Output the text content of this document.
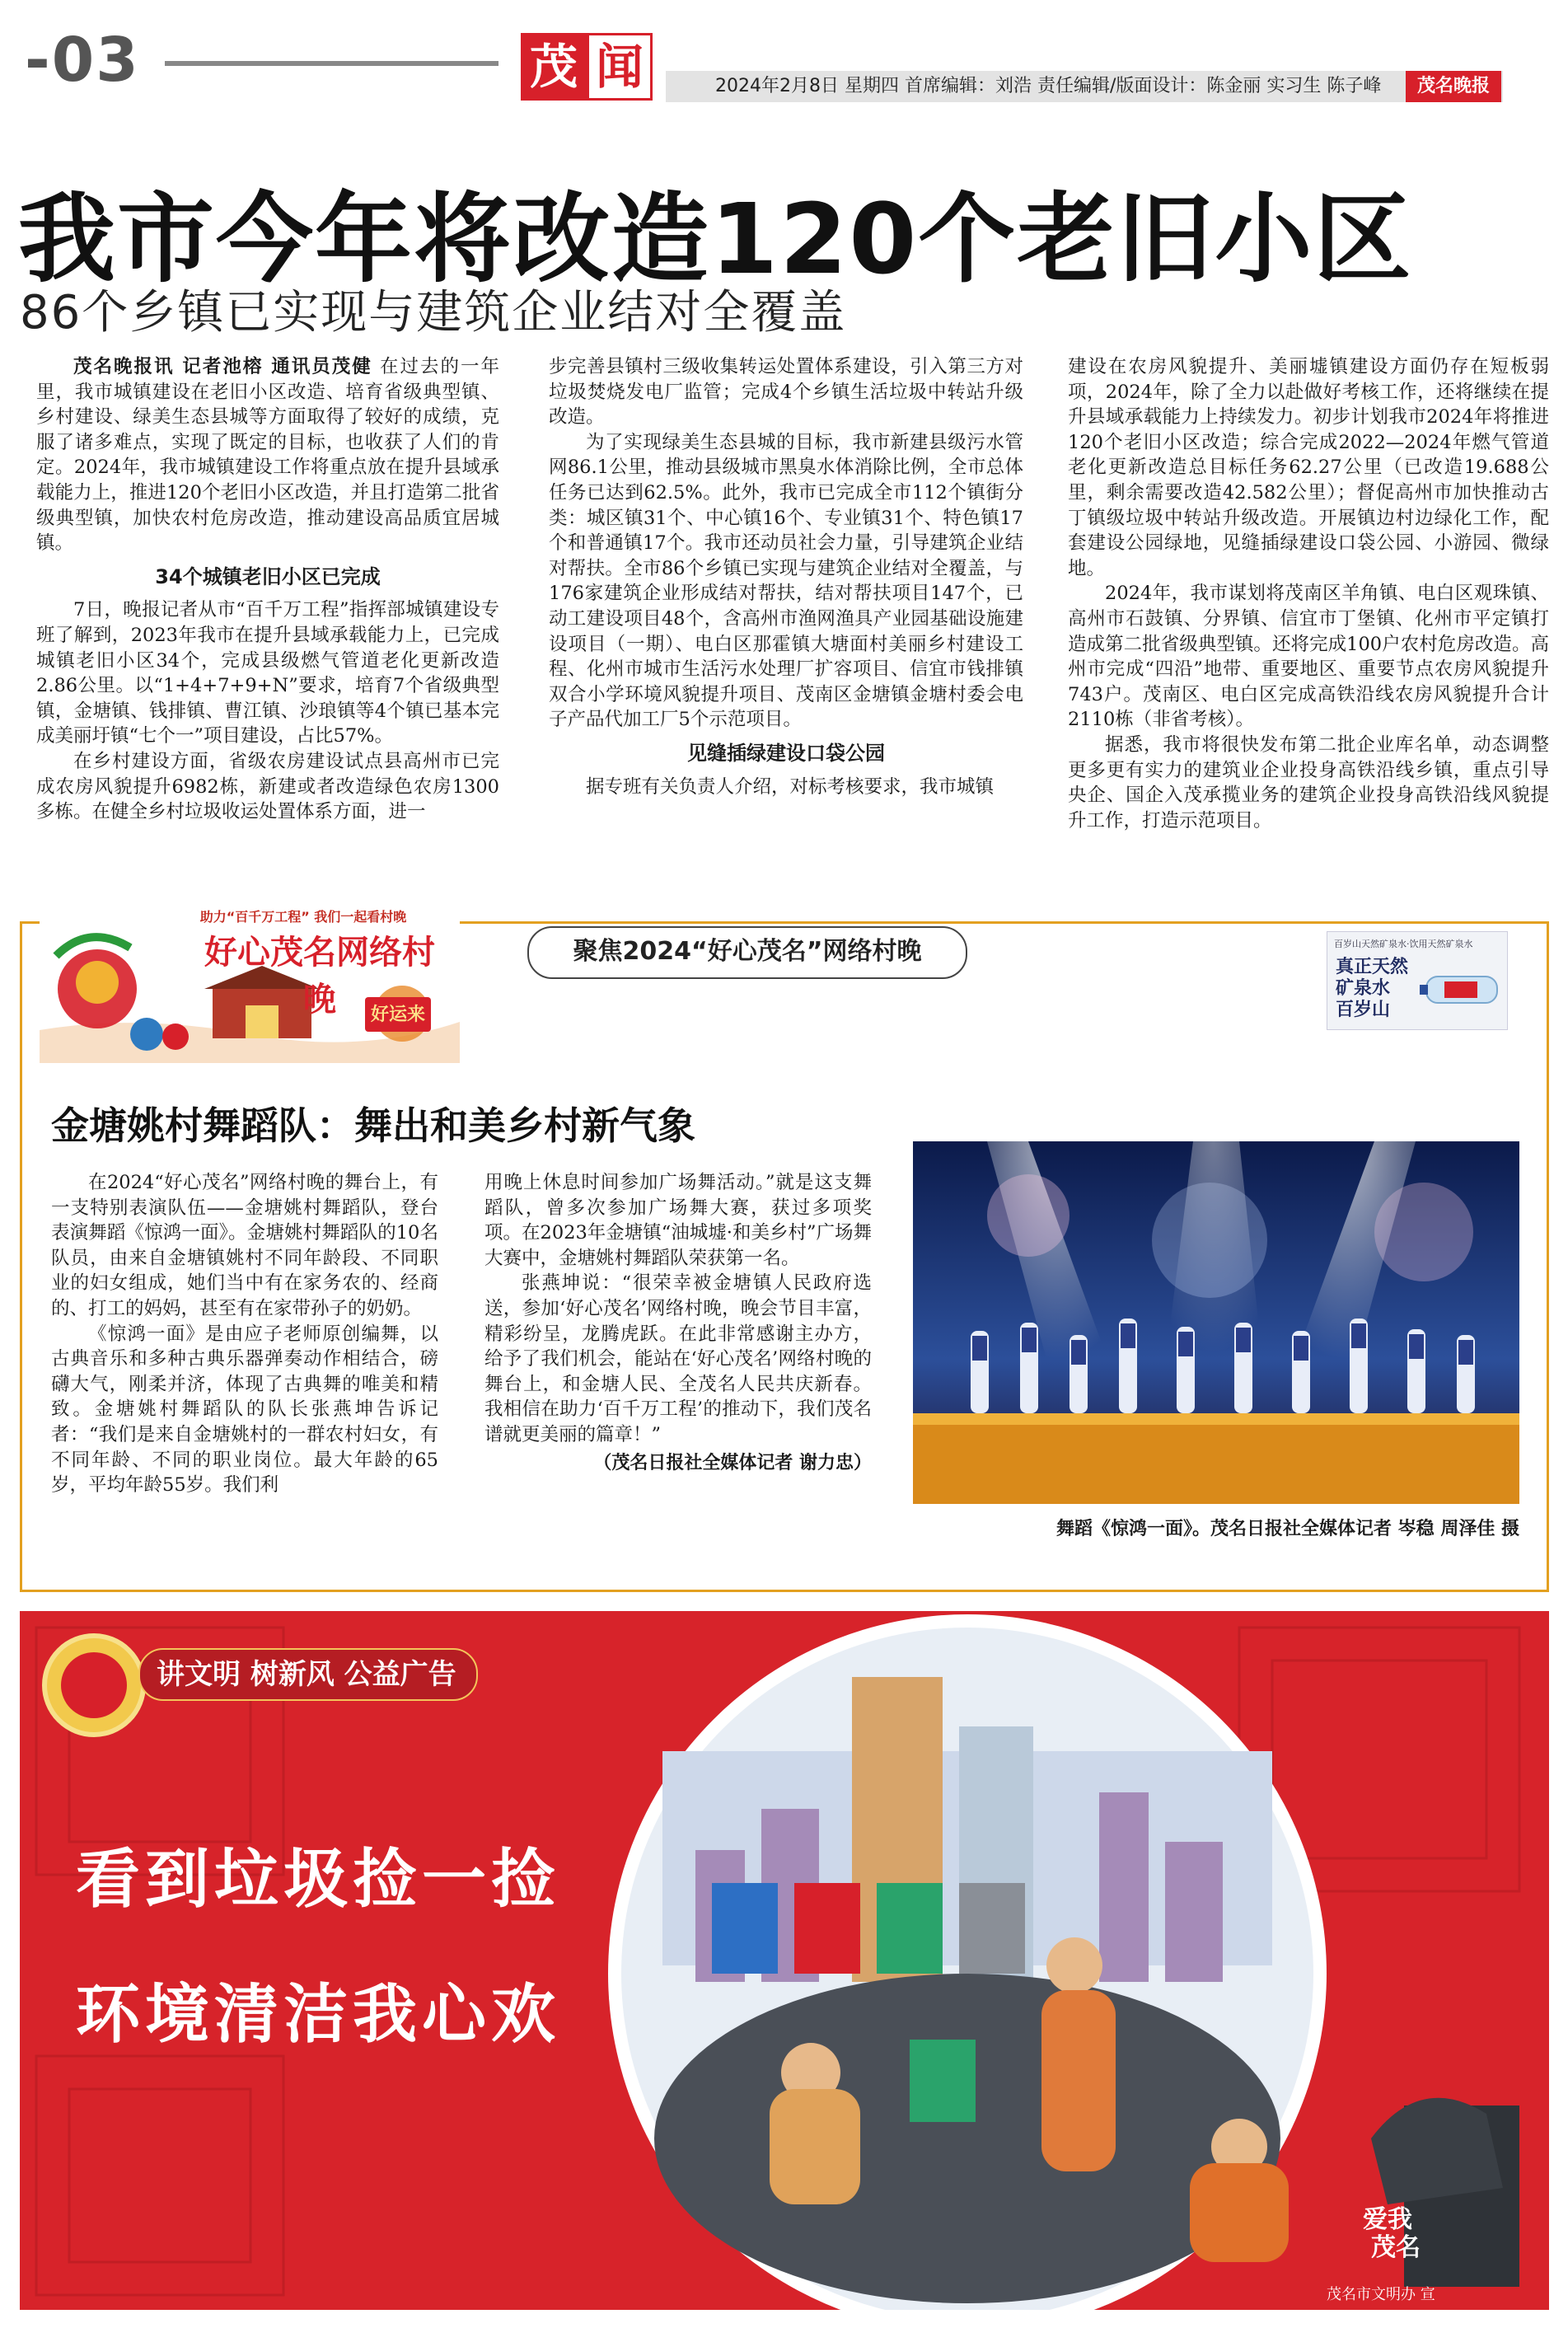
-03	茂 闻	2024年2月8日 星期四 首席编辑：刘浩 责任编辑/版面设计：陈金丽 实习生 陈子峰	茂名晚报
我市今年将改造120个老旧小区
86个乡镇已实现与建筑企业结对全覆盖

茂名晚报讯 记者池榕 通讯员茂健 在过去的一年里，我市城镇建设在老旧小区改造、培育省级典型镇、乡村建设、绿美生态县城等方面取得了较好的成绩，克服了诸多难点，实现了既定的目标，也收获了人们的肯定。2024年，我市城镇建设工作将重点放在提升县域承载能力上，推进120个老旧小区改造，并且打造第二批省级典型镇，加快农村危房改造，推动建设高品质宜居城镇。

34个城镇老旧小区已完成

7日，晚报记者从市“百千万工程”指挥部城镇建设专班了解到，2023年我市在提升县域承载能力上，已完成城镇老旧小区34个，完成县级燃气管道老化更新改造2.86公里。以“1+4+7+9+N”要求，培育7个省级典型镇，金塘镇、钱排镇、曹江镇、沙琅镇等4个镇已基本完成美丽圩镇“七个一”项目建设，占比57%。

在乡村建设方面，省级农房建设试点县高州市已完成农房风貌提升6982栋，新建或者改造绿色农房1300多栋。在健全乡村垃圾收运处置体系方面，进一

步完善县镇村三级收集转运处置体系建设，引入第三方对垃圾焚烧发电厂监管；完成4个乡镇生活垃圾中转站升级改造。

为了实现绿美生态县城的目标，我市新建县级污水管网86.1公里，推动县级城市黑臭水体消除比例，全市总体任务已达到62.5%。此外，我市已完成全市112个镇街分类：城区镇31个、中心镇16个、专业镇31个、特色镇17个和普通镇17个。我市还动员社会力量，引导建筑企业结对帮扶。全市86个乡镇已实现与建筑企业结对全覆盖，与176家建筑企业形成结对帮扶，结对帮扶项目147个，已动工建设项目48个，含高州市渔网渔具产业园基础设施建设项目（一期）、电白区那霍镇大塘面村美丽乡村建设工程、化州市城市生活污水处理厂扩容项目、信宜市钱排镇双合小学环境风貌提升项目、茂南区金塘镇金塘村委会电子产品代加工厂5个示范项目。

见缝插绿建设口袋公园

据专班有关负责人介绍，对标考核要求，我市城镇

建设在农房风貌提升、美丽墟镇建设方面仍存在短板弱项，2024年，除了全力以赴做好考核工作，还将继续在提升县域承载能力上持续发力。初步计划我市2024年将推进120个老旧小区改造；综合完成2022—2024年燃气管道老化更新改造总目标任务62.27公里（已改造19.688公里，剩余需要改造42.582公里）；督促高州市加快推动古丁镇级垃圾中转站升级改造。开展镇边村边绿化工作，配套建设公园绿地，见缝插绿建设口袋公园、小游园、微绿地。

2024年，我市谋划将茂南区羊角镇、电白区观珠镇、高州市石鼓镇、分界镇、信宜市丁堡镇、化州市平定镇打造成第二批省级典型镇。还将完成100户农村危房改造。高州市完成“四沿”地带、重要地区、重要节点农房风貌提升743户。茂南区、电白区完成高铁沿线农房风貌提升合计2110栋（非省考核）。

据悉，我市将很快发布第二批企业库名单，动态调整更多更有实力的建筑业企业投身高铁沿线乡镇，重点引导央企、国企入茂承揽业务的建筑企业投身高铁沿线风貌提升工作，打造示范项目。

助力“百千万工程” 我们一起看村晚
好心茂名网络村晚	好运来
聚焦2024“好心茂名”网络村晚	百岁山天然矿泉水·饮用天然矿泉水
真正天然
矿泉水
百岁山
金塘姚村舞蹈队：舞出和美乡村新气象

在2024“好心茂名”网络村晚的舞台上，有一支特别表演队伍——金塘姚村舞蹈队，登台表演舞蹈《惊鸿一面》。金塘姚村舞蹈队的10名队员，由来自金塘镇姚村不同年龄段、不同职业的妇女组成，她们当中有在家务农的、经商的、打工的妈妈，甚至有在家带孙子的奶奶。

《惊鸿一面》是由应子老师原创编舞，以古典音乐和多种古典乐器弹奏动作相结合，磅礴大气，刚柔并济，体现了古典舞的唯美和精致。金塘姚村舞蹈队的队长张燕坤告诉记者：“我们是来自金塘姚村的一群农村妇女，有不同年龄、不同的职业岗位。最大年龄的65岁，平均年龄55岁。我们利

用晚上休息时间参加广场舞活动。”就是这支舞蹈队，曾多次参加广场舞大赛，获过多项奖项。在2023年金塘镇“油城墟·和美乡村”广场舞大赛中，金塘姚村舞蹈队荣获第一名。

张燕坤说：“很荣幸被金塘镇人民政府选送，参加‘好心茂名’网络村晚，晚会节目丰富，精彩纷呈，龙腾虎跃。在此非常感谢主办方，给予了我们机会，能站在‘好心茂名’网络村晚的舞台上，和金塘人民、全茂名人民共庆新春。我相信在助力‘百千万工程’的推动下，我们茂名谱就更美丽的篇章！”

（茂名日报社全媒体记者 谢力忠）
舞蹈《惊鸿一面》。茂名日报社全媒体记者 岑稳 周泽佳 摄
爱我
茂名
讲文明 树新风 公益广告
看到垃圾捡一捡
环境清洁我心欢
茂名市文明办 宣
